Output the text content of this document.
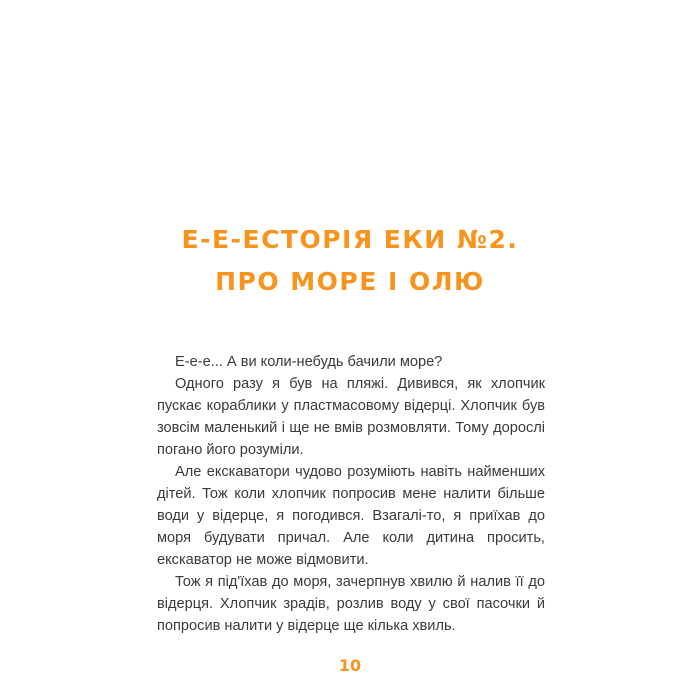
Е-Е-ЕСТОРІЯ ЕКИ №2.
ПРО МОРЕ І ОЛЮ

Е-е-е... А ви коли-небудь бачили море?

Одного разу я був на пляжі. Дивився, як хлопчик пускає кораблики у пластмасовому відерці. Хлопчик був зовсім маленький і ще не вмів розмовляти. Тому дорослі погано його розуміли.

Але екскаватори чудово розуміють навіть найменших дітей. Тож коли хлопчик попросив мене налити більше води у відерце, я погодився. Взагалі-то, я приїхав до моря будувати причал. Але коли дитина просить, екскаватор не може відмовити.

Тож я під'їхав до моря, зачерпнув хвилю й налив її до відерця. Хлопчик зрадів, розлив воду у свої пасочки й попросив налити у відерце ще кілька хвиль.

10
